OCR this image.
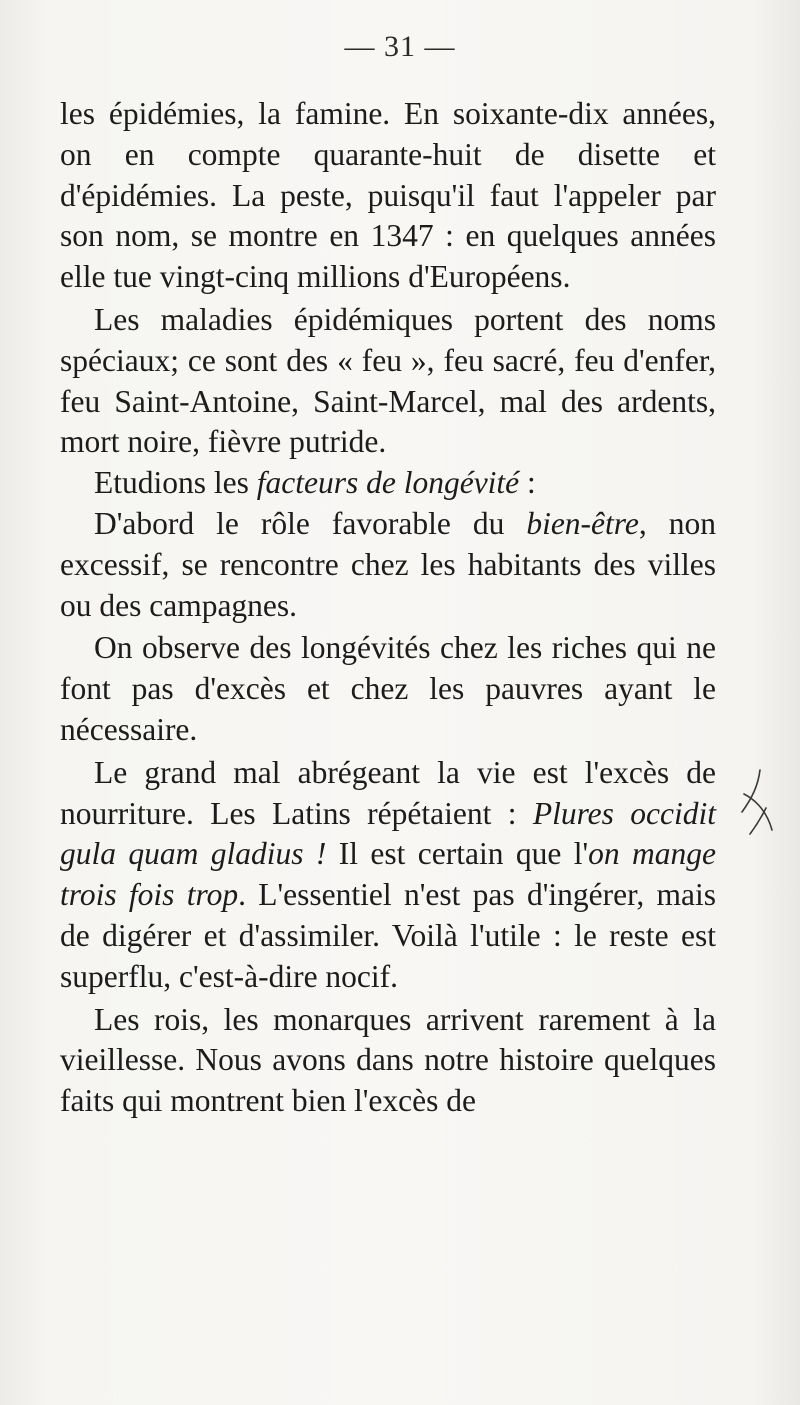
— 31 —

les épidémies, la famine. En soixante-dix années, on en compte quarante-huit de disette et d'épidémies. La peste, puisqu'il faut l'appeler par son nom, se montre en 1347 : en quelques années elle tue vingt-cinq millions d'Européens.

Les maladies épidémiques portent des noms spéciaux; ce sont des « feu », feu sacré, feu d'enfer, feu Saint-Antoine, Saint-Marcel, mal des ardents, mort noire, fièvre putride.

Etudions les facteurs de longévité :

D'abord le rôle favorable du bien-être, non excessif, se rencontre chez les habitants des villes ou des campagnes.

On observe des longévités chez les riches qui ne font pas d'excès et chez les pauvres ayant le nécessaire.

Le grand mal abrégeant la vie est l'excès de nourriture. Les Latins répétaient : Plures occidit gula quam gladius ! Il est certain que l'on mange trois fois trop. L'essentiel n'est pas d'ingérer, mais de digérer et d'assimiler. Voilà l'utile : le reste est superflu, c'est-à-dire nocif.

Les rois, les monarques arrivent rarement à la vieillesse. Nous avons dans notre histoire quelques faits qui montrent bien l'excès de
